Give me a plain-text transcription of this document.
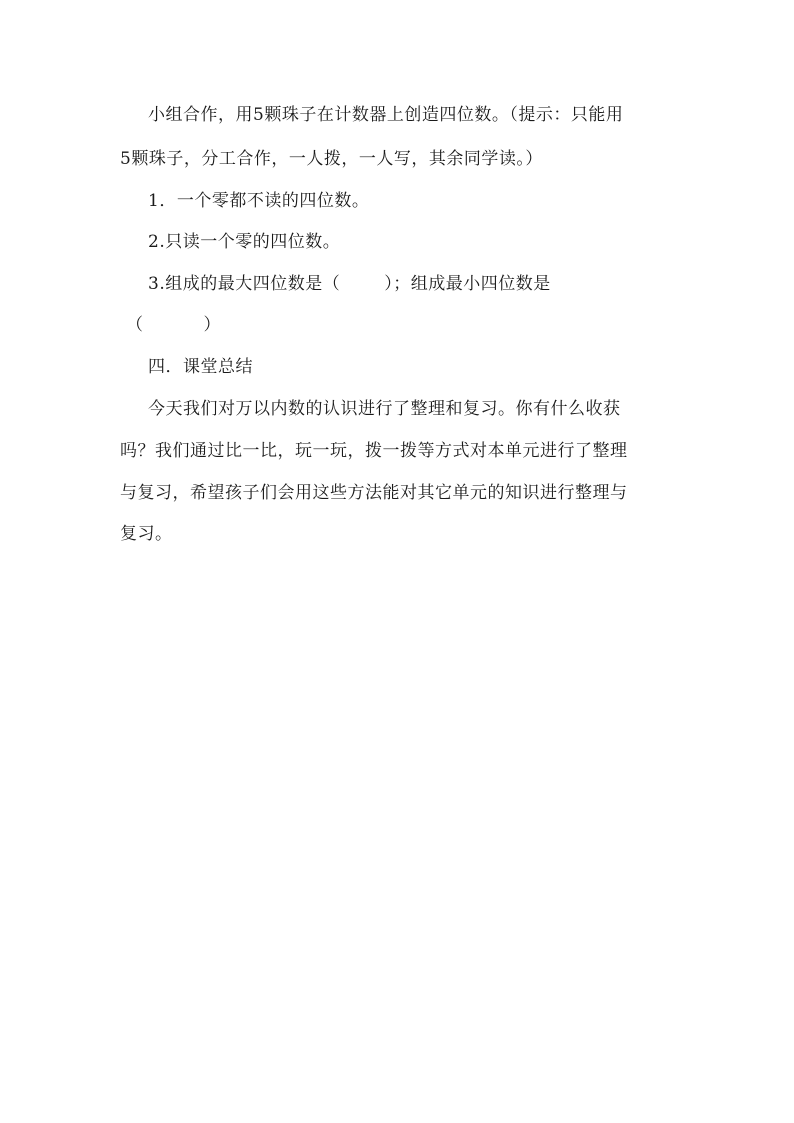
小组合作，用5颗珠子在计数器上创造四位数。（提示：只能用
5颗珠子，分工合作，一人拨，一人写，其余同学读。）
1．一个零都不读的四位数。
2.只读一个零的四位数。
3.组成的最大四位数是（	）；组成最小四位数是
（	）
四．课堂总结
今天我们对万以内数的认识进行了整理和复习。你有什么收获
吗？我们通过比一比，玩一玩，拨一拨等方式对本单元进行了整理
与复习，希望孩子们会用这些方法能对其它单元的知识进行整理与
复习。
